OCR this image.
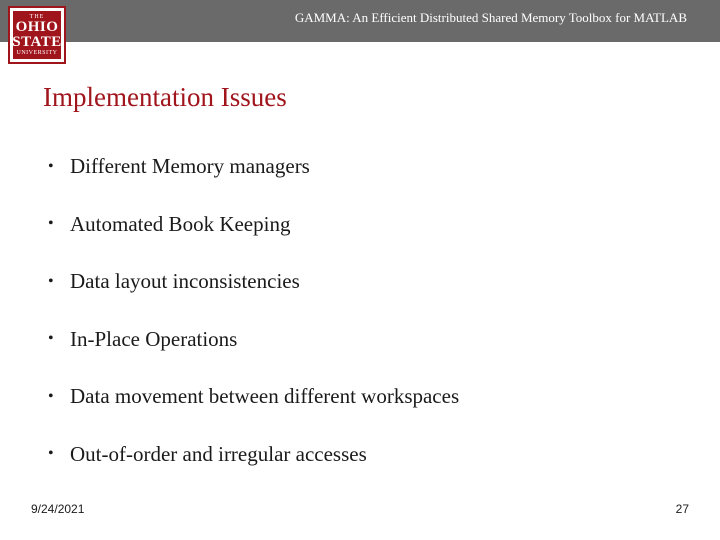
GAMMA: An Efficient Distributed Shared Memory Toolbox for MATLAB
THE
OHIO
STATE
UNIVERSITY
Implementation Issues
• Different Memory managers
• Automated Book Keeping
• Data layout inconsistencies
• In-Place Operations
• Data movement between different workspaces
• Out-of-order and irregular accesses
9/24/2021	27
